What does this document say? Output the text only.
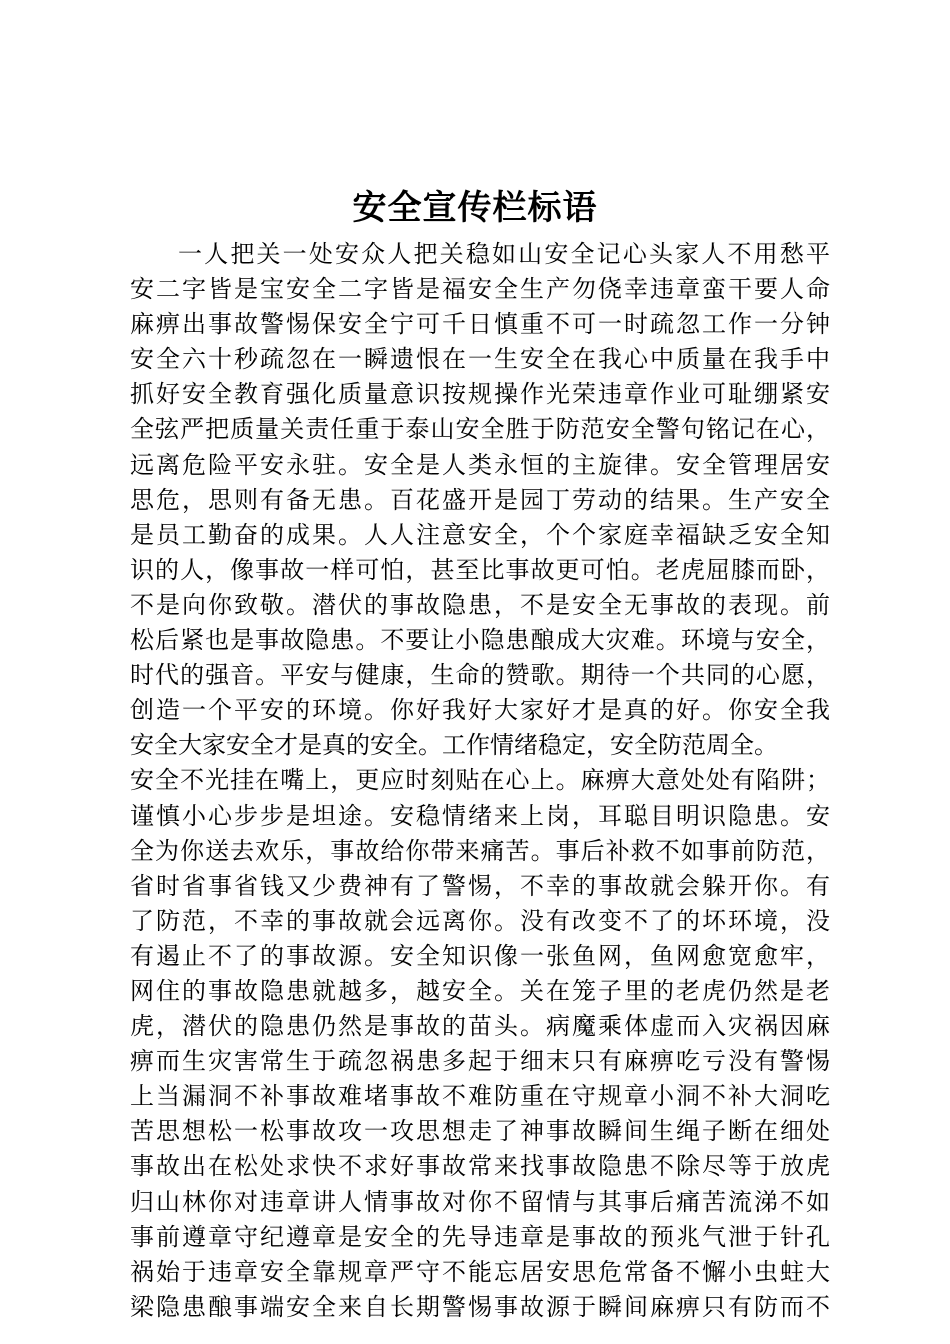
安全宣传栏标语
一人把关一处安众人把关稳如山安全记心头家人不用愁平
安二字皆是宝安全二字皆是福安全生产勿侥幸违章蛮干要人命
麻痹出事故警惕保安全宁可千日慎重不可一时疏忽工作一分钟
安全六十秒疏忽在一瞬遗恨在一生安全在我心中质量在我手中
抓好安全教育强化质量意识按规操作光荣违章作业可耻绷紧安
全弦严把质量关责任重于泰山安全胜于防范安全警句铭记在心，
远离危险平安永驻。安全是人类永恒的主旋律。安全管理居安
思危，思则有备无患。百花盛开是园丁劳动的结果。生产安全
是员工勤奋的成果。人人注意安全，个个家庭幸福缺乏安全知
识的人，像事故一样可怕，甚至比事故更可怕。老虎屈膝而卧，
不是向你致敬。潜伏的事故隐患，不是安全无事故的表现。前
松后紧也是事故隐患。不要让小隐患酿成大灾难。环境与安全，
时代的强音。平安与健康，生命的赞歌。期待一个共同的心愿，
创造一个平安的环境。你好我好大家好才是真的好。你安全我
安全大家安全才是真的安全。工作情绪稳定，安全防范周全。
安全不光挂在嘴上，更应时刻贴在心上。麻痹大意处处有陷阱；
谨慎小心步步是坦途。安稳情绪来上岗，耳聪目明识隐患。安
全为你送去欢乐，事故给你带来痛苦。事后补救不如事前防范，
省时省事省钱又少费神有了警惕，不幸的事故就会躲开你。有
了防范，不幸的事故就会远离你。没有改变不了的坏环境，没
有遏止不了的事故源。安全知识像一张鱼网，鱼网愈宽愈牢，
网住的事故隐患就越多，越安全。关在笼子里的老虎仍然是老
虎，潜伏的隐患仍然是事故的苗头。病魔乘体虚而入灾祸因麻
痹而生灾害常生于疏忽祸患多起于细末只有麻痹吃亏没有警惕
上当漏洞不补事故难堵事故不难防重在守规章小洞不补大洞吃
苦思想松一松事故攻一攻思想走了神事故瞬间生绳子断在细处
事故出在松处求快不求好事故常来找事故隐患不除尽等于放虎
归山林你对违章讲人情事故对你不留情与其事后痛苦流涕不如
事前遵章守纪遵章是安全的先导违章是事故的预兆气泄于针孔
祸始于违章安全靠规章严守不能忘居安思危常备不懈小虫蛀大
梁隐患酿事端安全来自长期警惕事故源于瞬间麻痹只有防而不
